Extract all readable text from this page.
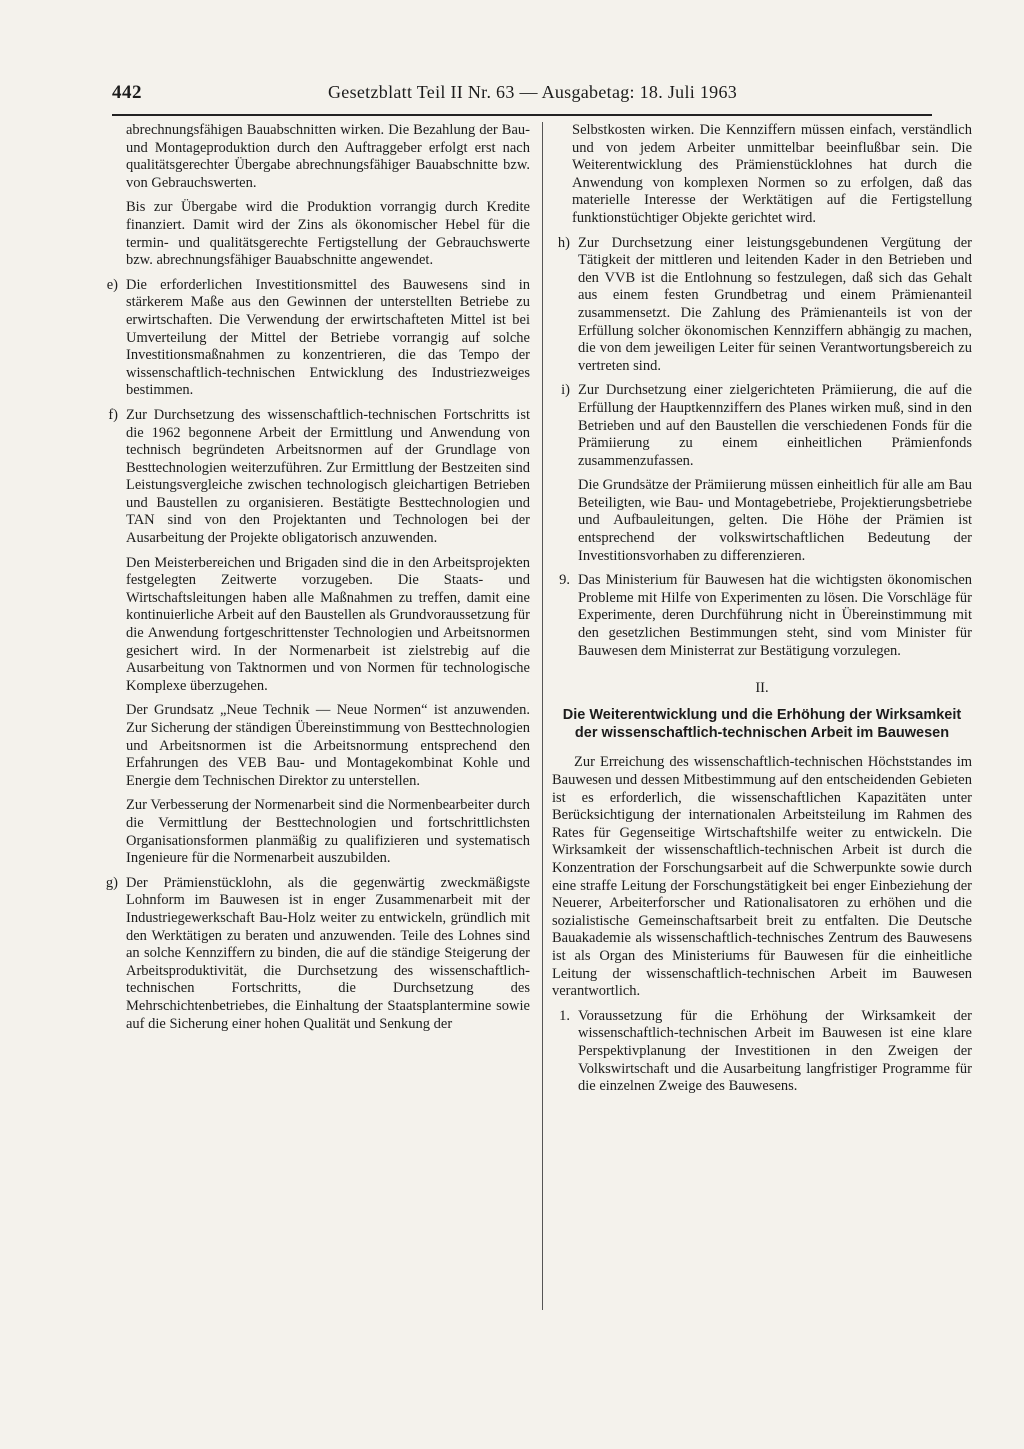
442	Gesetzblatt Teil II Nr. 63 — Ausgabetag: 18. Juli 1963

abrechnungsfähigen Bauabschnitten wirken. Die Bezahlung der Bau- und Montageproduktion durch den Auftraggeber erfolgt erst nach qualitätsgerechter Übergabe abrechnungsfähiger Bauabschnitte bzw. von Gebrauchswerten.

Bis zur Übergabe wird die Produktion vorrangig durch Kredite finanziert. Damit wird der Zins als ökonomischer Hebel für die termin- und qualitätsgerechte Fertigstellung der Gebrauchswerte bzw. abrechnungsfähiger Bauabschnitte angewendet.

e) Die erforderlichen Investitionsmittel des Bauwesens sind in stärkerem Maße aus den Gewinnen der unterstellten Betriebe zu erwirtschaften. Die Verwendung der erwirtschafteten Mittel ist bei Umverteilung der Mittel der Betriebe vorrangig auf solche Investitionsmaßnahmen zu konzentrieren, die das Tempo der wissenschaftlich-technischen Entwicklung des Industriezweiges bestimmen.

f) Zur Durchsetzung des wissenschaftlich-technischen Fortschritts ist die 1962 begonnene Arbeit der Ermittlung und Anwendung von technisch begründeten Arbeitsnormen auf der Grundlage von Besttechnologien weiterzuführen. Zur Ermittlung der Bestzeiten sind Leistungsvergleiche zwischen technologisch gleichartigen Betrieben und Baustellen zu organisieren. Bestätigte Besttechnologien und TAN sind von den Projektanten und Technologen bei der Ausarbeitung der Projekte obligatorisch anzuwenden.

Den Meisterbereichen und Brigaden sind die in den Arbeitsprojekten festgelegten Zeitwerte vorzugeben. Die Staats- und Wirtschaftsleitungen haben alle Maßnahmen zu treffen, damit eine kontinuierliche Arbeit auf den Baustellen als Grundvoraussetzung für die Anwendung fortgeschrittenster Technologien und Arbeitsnormen gesichert wird. In der Normenarbeit ist zielstrebig auf die Ausarbeitung von Taktnormen und von Normen für technologische Komplexe überzugehen.

Der Grundsatz „Neue Technik — Neue Normen“ ist anzuwenden. Zur Sicherung der ständigen Übereinstimmung von Besttechnologien und Arbeitsnormen ist die Arbeitsnormung entsprechend den Erfahrungen des VEB Bau- und Montagekombinat Kohle und Energie dem Technischen Direktor zu unterstellen.

Zur Verbesserung der Normenarbeit sind die Normenbearbeiter durch die Vermittlung der Besttechnologien und fortschrittlichsten Organisationsformen planmäßig zu qualifizieren und systematisch Ingenieure für die Normenarbeit auszubilden.

g) Der Prämienstücklohn, als die gegenwärtig zweckmäßigste Lohnform im Bauwesen ist in enger Zusammenarbeit mit der Industriegewerkschaft Bau-Holz weiter zu entwickeln, gründlich mit den Werktätigen zu beraten und anzuwenden. Teile des Lohnes sind an solche Kennziffern zu binden, die auf die ständige Steigerung der Arbeitsproduktivität, die Durchsetzung des wissenschaftlich-technischen Fortschritts, die Durchsetzung des Mehrschichtenbetriebes, die Einhaltung der Staatsplantermine sowie auf die Sicherung einer hohen Qualität und Senkung der

Selbstkosten wirken. Die Kennziffern müssen einfach, verständlich und von jedem Arbeiter unmittelbar beeinflußbar sein. Die Weiterentwicklung des Prämienstücklohnes hat durch die Anwendung von komplexen Normen so zu erfolgen, daß das materielle Interesse der Werktätigen auf die Fertigstellung funktionstüchtiger Objekte gerichtet wird.

h) Zur Durchsetzung einer leistungsgebundenen Vergütung der Tätigkeit der mittleren und leitenden Kader in den Betrieben und den VVB ist die Entlohnung so festzulegen, daß sich das Gehalt aus einem festen Grundbetrag und einem Prämienanteil zusammensetzt. Die Zahlung des Prämienanteils ist von der Erfüllung solcher ökonomischen Kennziffern abhängig zu machen, die von dem jeweiligen Leiter für seinen Verantwortungsbereich zu vertreten sind.

i) Zur Durchsetzung einer zielgerichteten Prämiierung, die auf die Erfüllung der Hauptkennziffern des Planes wirken muß, sind in den Betrieben und auf den Baustellen die verschiedenen Fonds für die Prämiierung zu einem einheitlichen Prämienfonds zusammenzufassen.

Die Grundsätze der Prämiierung müssen einheitlich für alle am Bau Beteiligten, wie Bau- und Montagebetriebe, Projektierungsbetriebe und Aufbauleitungen, gelten. Die Höhe der Prämien ist entsprechend der volkswirtschaftlichen Bedeutung der Investitionsvorhaben zu differenzieren.

9. Das Ministerium für Bauwesen hat die wichtigsten ökonomischen Probleme mit Hilfe von Experimenten zu lösen. Die Vorschläge für Experimente, deren Durchführung nicht in Übereinstimmung mit den gesetzlichen Bestimmungen steht, sind vom Minister für Bauwesen dem Ministerrat zur Bestätigung vorzulegen.

II.
Die Weiterentwicklung und die Erhöhung der Wirksamkeit der wissenschaftlich-technischen Arbeit im Bauwesen

Zur Erreichung des wissenschaftlich-technischen Höchststandes im Bauwesen und dessen Mitbestimmung auf den entscheidenden Gebieten ist es erforderlich, die wissenschaftlichen Kapazitäten unter Berücksichtigung der internationalen Arbeitsteilung im Rahmen des Rates für Gegenseitige Wirtschaftshilfe weiter zu entwickeln. Die Wirksamkeit der wissenschaftlich-technischen Arbeit ist durch die Konzentration der Forschungsarbeit auf die Schwerpunkte sowie durch eine straffe Leitung der Forschungstätigkeit bei enger Einbeziehung der Neuerer, Arbeiterforscher und Rationalisatoren zu erhöhen und die sozialistische Gemeinschaftsarbeit breit zu entfalten. Die Deutsche Bauakademie als wissenschaftlich-technisches Zentrum des Bauwesens ist als Organ des Ministeriums für Bauwesen für die einheitliche Leitung der wissenschaftlich-technischen Arbeit im Bauwesen verantwortlich.

1. Voraussetzung für die Erhöhung der Wirksamkeit der wissenschaftlich-technischen Arbeit im Bauwesen ist eine klare Perspektivplanung der Investitionen in den Zweigen der Volkswirtschaft und die Ausarbeitung langfristiger Programme für die einzelnen Zweige des Bauwesens.
